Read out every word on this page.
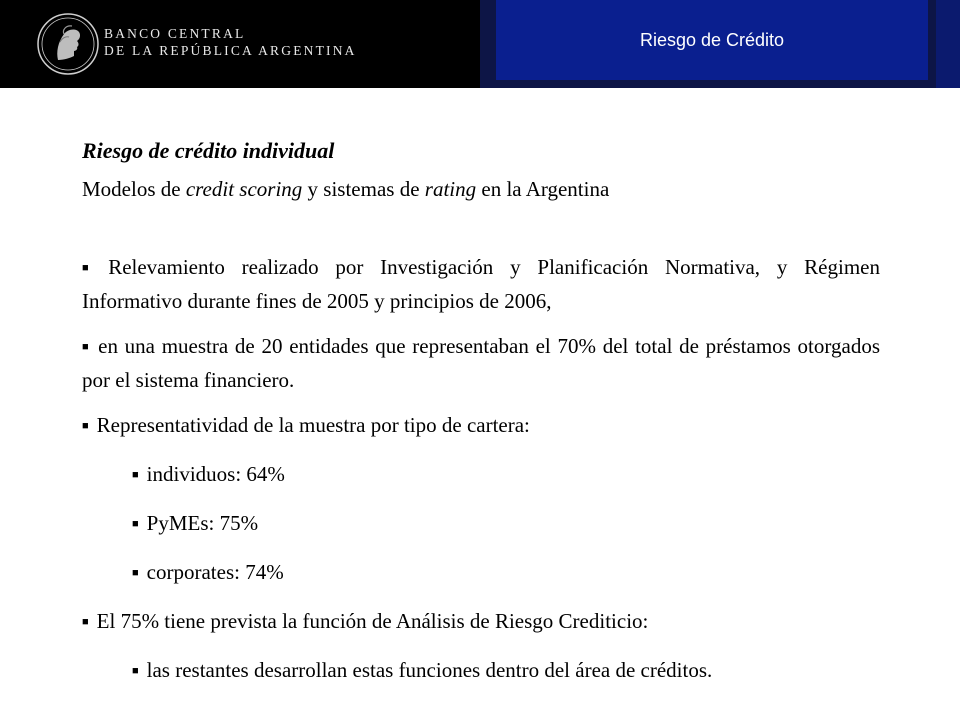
BANCO CENTRAL
DE LA REPÚBLICA ARGENTINA
Riesgo de Crédito
Riesgo de crédito individual
Modelos de credit scoring y sistemas de rating en la Argentina
■ Relevamiento realizado por Investigación y Planificación Normativa, y Régimen Informativo durante fines de 2005 y principios de 2006,
■ en una muestra de 20 entidades que representaban el 70% del total de préstamos otorgados por el sistema financiero.
■ Representatividad de la muestra por tipo de cartera:
■ individuos: 64%
■ PyMEs: 75%
■ corporates: 74%
■ El 75% tiene prevista la función de Análisis de Riesgo Crediticio:
■ las restantes desarrollan estas funciones dentro del área de créditos.
